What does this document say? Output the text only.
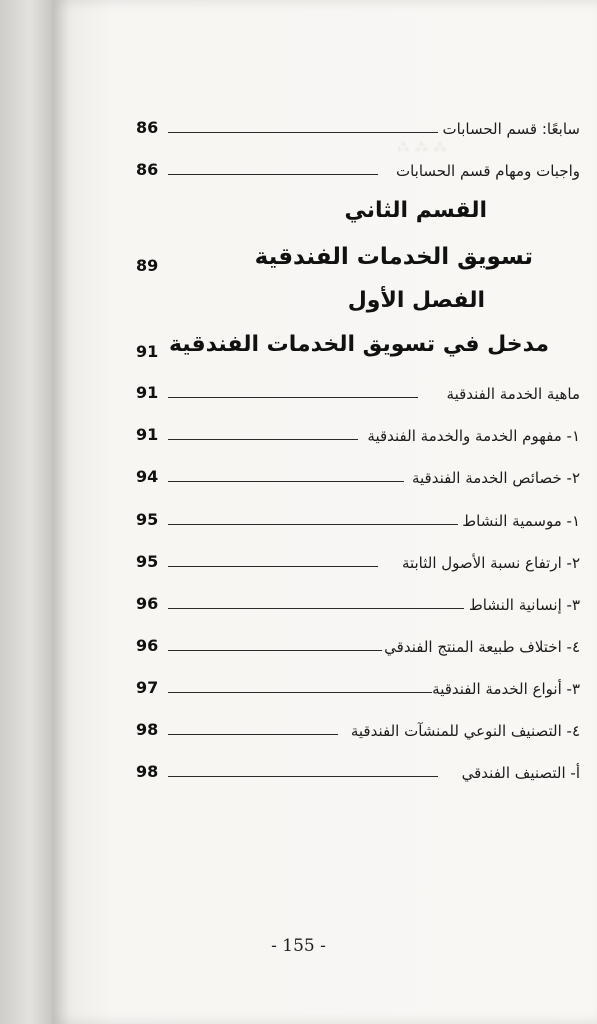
⁂ ⁂ ⁂
سابعًا: قسم الحسابات
86
واجبات ومهام قسم الحسابات
86
القسم الثاني
تسويق الخدمات الفندقية
89
الفصل الأول
مدخل في تسويق الخدمات الفندقية
91
ماهية الخدمة الفندقية
91
١- مفهوم الخدمة والخدمة الفندقية
91
٢- خصائص الخدمة الفندقية
94
١- موسمية النشاط
95
٢- ارتفاع نسبة الأصول الثابتة
95
٣- إنسانية النشاط
96
٤- اختلاف طبيعة المنتج الفندقي
96
٣- أنواع الخدمة الفندقية
97
٤- التصنيف النوعي للمنشآت الفندقية
98
أ- التصنيف الفندقي
98
- 155 -
